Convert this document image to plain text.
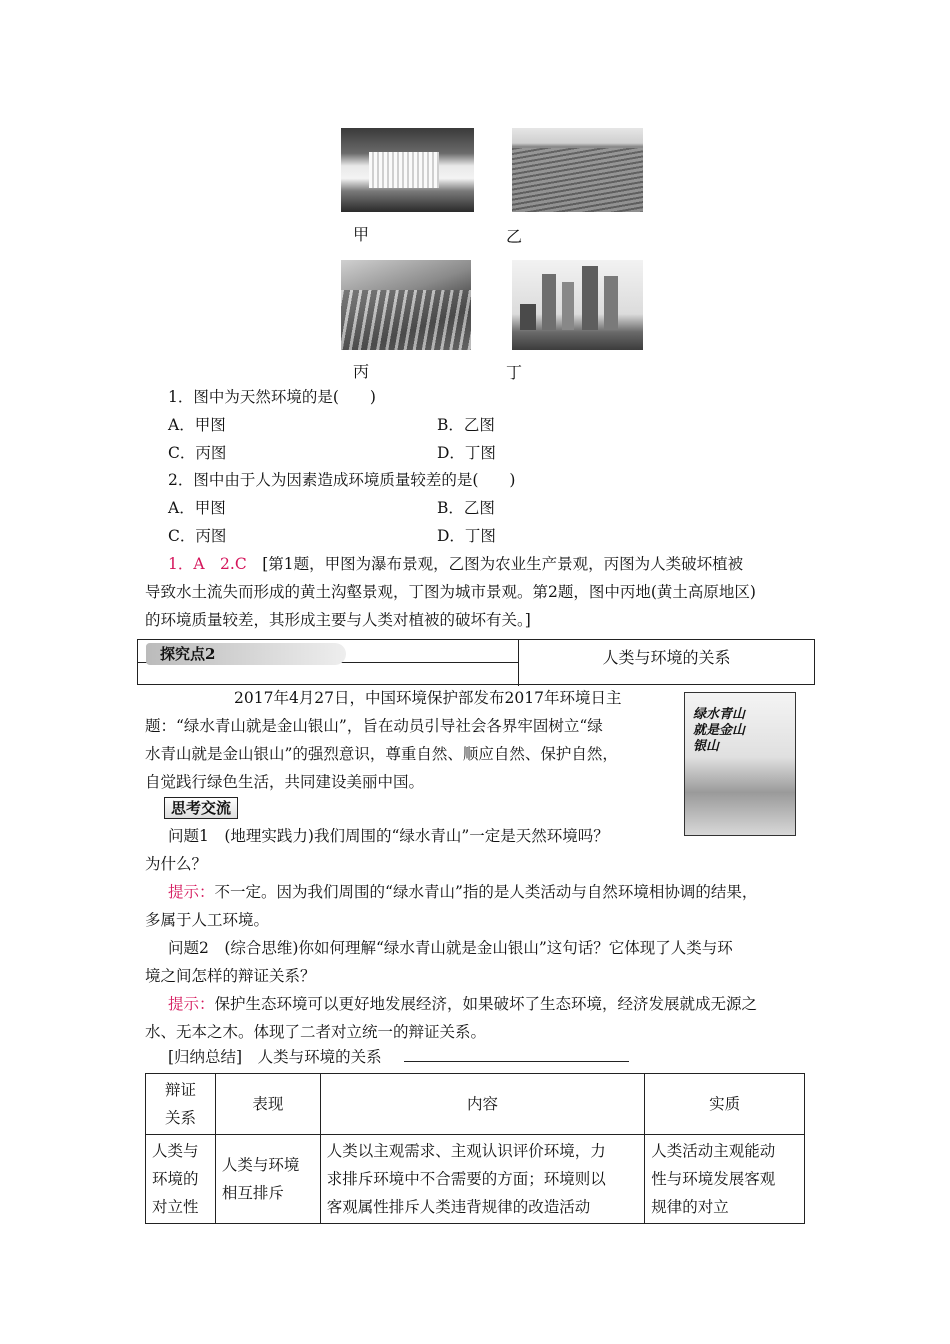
甲	乙
丙	丁
1．图中为天然环境的是(　　)
A．甲图	B．乙图
C．丙图	D．丁图
2．图中由于人为因素造成环境质量较差的是(　　)
A．甲图	B．乙图
C．丙图	D．丁图
1．A　2.C　[第1题，甲图为瀑布景观，乙图为农业生产景观，丙图为人类破坏植被
导致水土流失而形成的黄土沟壑景观，丁图为城市景观。第2题，图中丙地(黄土高原地区)
的环境质量较差，其形成主要与人类对植被的破坏有关。]
探究点2	人类与环境的关系
2017年4月27日，中国环境保护部发布2017年环境日主
题：“绿水青山就是金山银山”，旨在动员引导社会各界牢固树立“绿
水青山就是金山银山”的强烈意识，尊重自然、顺应自然、保护自然，
自觉践行绿色生活，共同建设美丽中国。
绿水青山就是金山银山
思考交流
问题1　(地理实践力)我们周围的“绿水青山”一定是天然环境吗？
为什么？
提示：不一定。因为我们周围的“绿水青山”指的是人类活动与自然环境相协调的结果，
多属于人工环境。
问题2　(综合思维)你如何理解“绿水青山就是金山银山”这句话？它体现了人类与环
境之间怎样的辩证关系？
提示：保护生态环境可以更好地发展经济，如果破坏了生态环境，经济发展就成无源之
水、无本之木。体现了二者对立统一的辩证关系。
[归纳总结]　 人类与环境的关系
辩证
关系	表现	内容	实质
人类与
环境的
对立性	人类与环境
相互排斥	人类以主观需求、主观认识评价环境，力
求排斥环境中不合需要的方面；环境则以
客观属性排斥人类违背规律的改造活动	人类活动主观能动
性与环境发展客观
规律的对立
